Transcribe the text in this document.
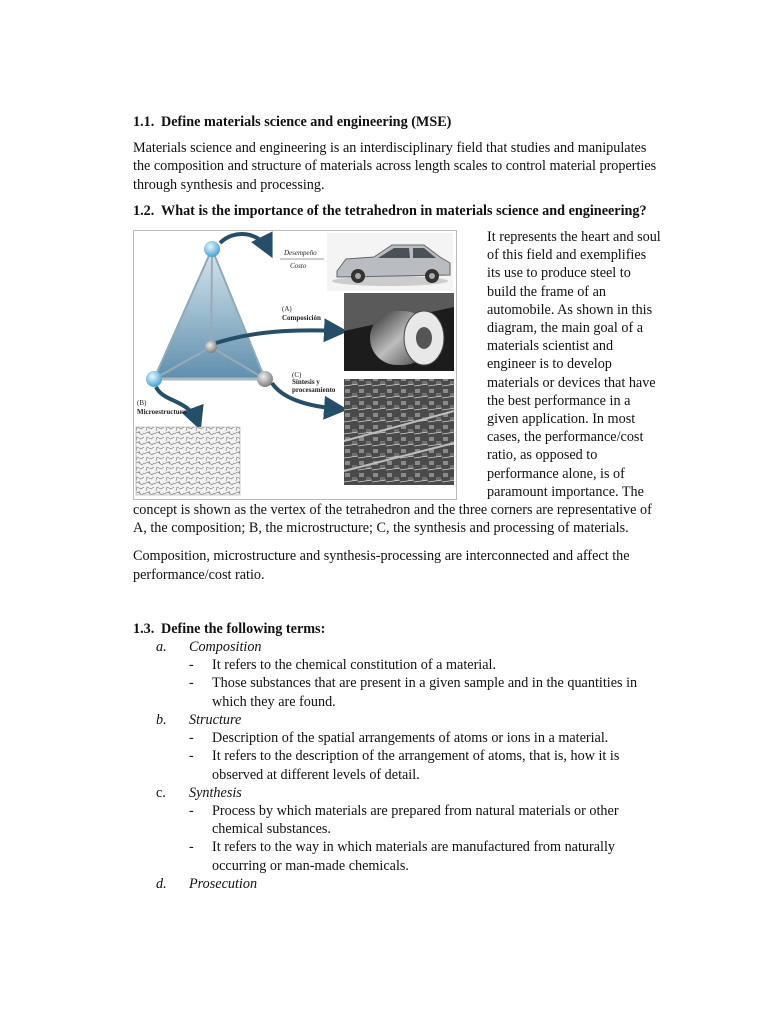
1.1. Define materials science and engineering (MSE)

Materials science and engineering is an interdisciplinary field that studies and manipulates the composition and structure of materials across length scales to control material properties through synthesis and processing.

1.2. What is the importance of the tetrahedron in materials science and engineering?

Desempeño
Costo
(A)
Composición
(C)
Síntesis y
procesamiento
(B)
Microestructura

It represents the heart and soul of this field and exemplifies its use to produce steel to build the frame of an automobile. As shown in this diagram, the main goal of a materials scientist and engineer is to develop materials or devices that have the best performance in a given application. In most cases, the performance/cost ratio, as opposed to performance alone, is of paramount importance. The concept is shown as the vertex of the tetrahedron and the three corners are representative of A, the composition; B, the microstructure; C, the synthesis and processing of materials.

Composition, microstructure and synthesis-processing are interconnected and affect the performance/cost ratio.

1.3. Define the following terms:

a. Composition
- It refers to the chemical constitution of a material.
- Those substances that are present in a given sample and in the quantities in which they are found.
b. Structure
- Description of the spatial arrangements of atoms or ions in a material.
- It refers to the description of the arrangement of atoms, that is, how it is observed at different levels of detail.
c. Synthesis
- Process by which materials are prepared from natural materials or other chemical substances.
- It refers to the way in which materials are manufactured from naturally occurring or man-made chemicals.
d. Prosecution
